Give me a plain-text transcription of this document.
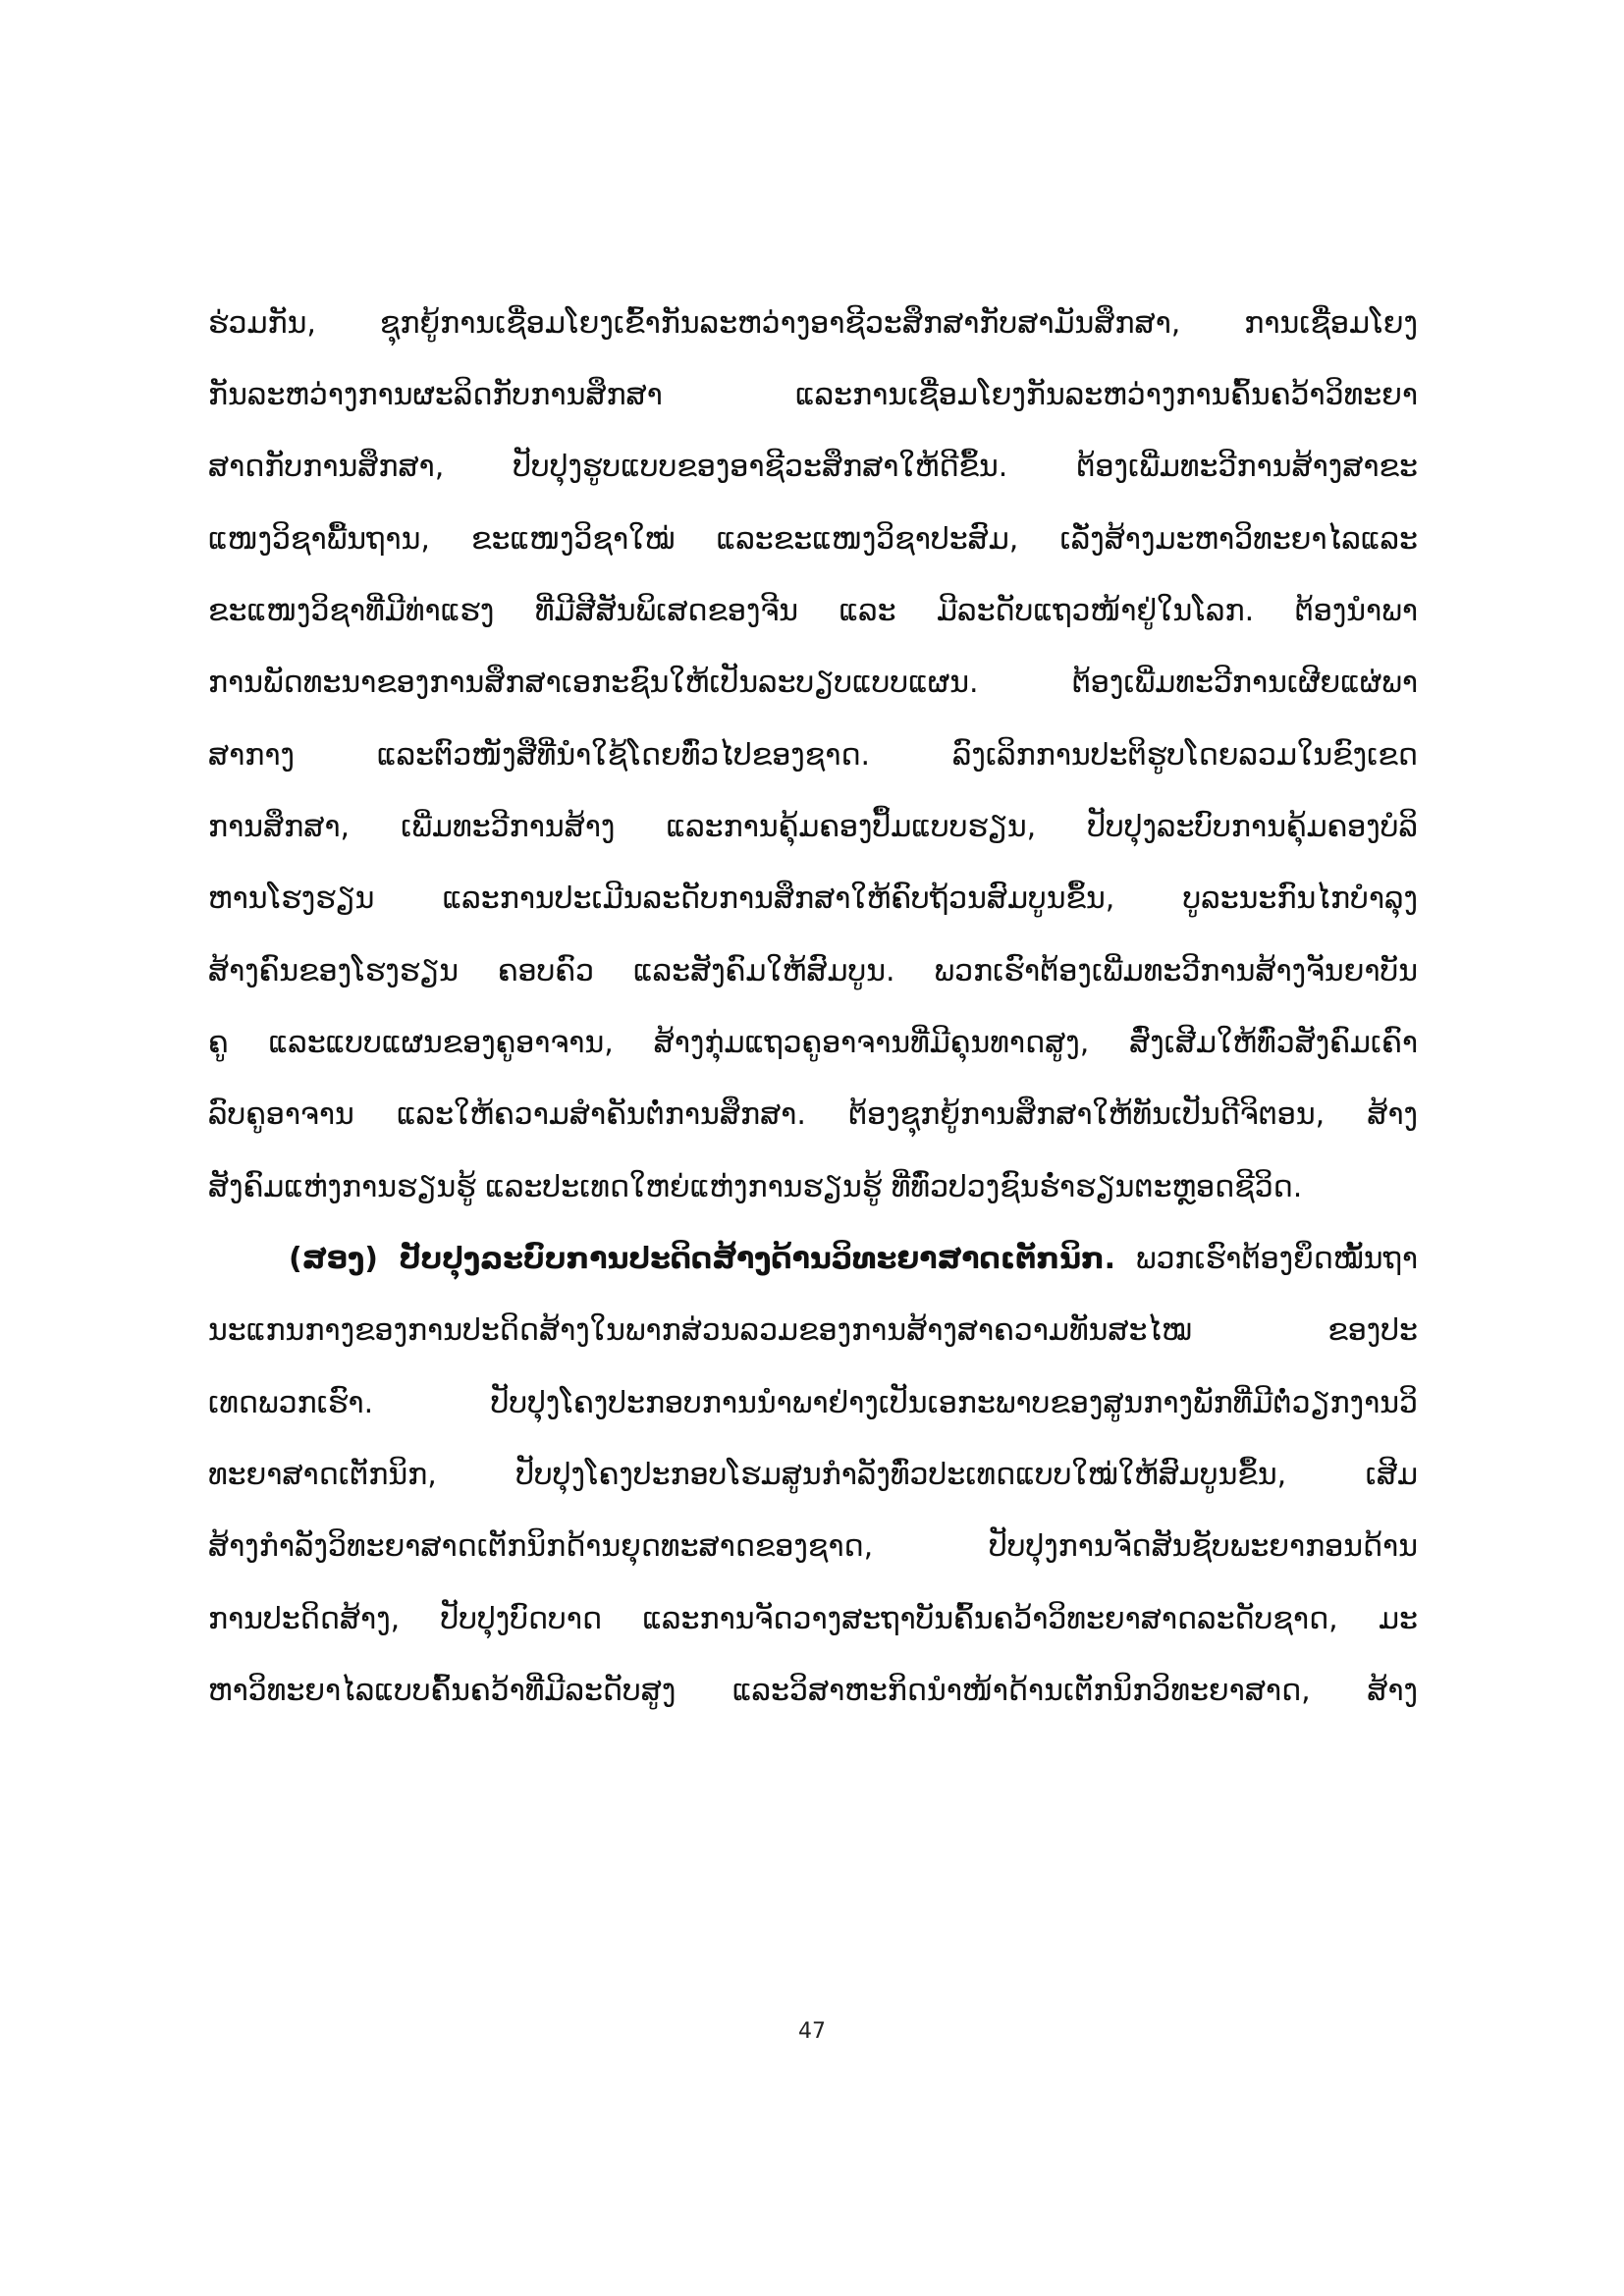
ຮ່ວມກັນ, ຊຸກຍູ້ການເຊື່ອມໂຍງເຂົ້າກັນລະຫວ່າງອາຊີວະສຶກສາກັບສາມັນສຶກສາ, ການເຊື່ອມໂຍງ
ກັນລະຫວ່າງການຜະລິດກັບການສຶກສາ ແລະການເຊື່ອມໂຍງກັນລະຫວ່າງການຄົ້ນຄວ້າວິທະຍາ
ສາດກັບການສຶກສາ, ປັບປຸງຮູບແບບຂອງອາຊີວະສຶກສາໃຫ້ດີຂຶ້ນ. ຕ້ອງເພີ່ມທະວີການສ້າງສາຂະ
ແໜງວິຊາພື້ນຖານ, ຂະແໜງວິຊາໃໝ່ ແລະຂະແໜງວິຊາປະສົມ, ເລັ່ງສ້າງມະຫາວິທະຍາໄລແລະ
ຂະແໜງວິຊາທີ່ມີທ່າແຮງ ທີ່ມີສີສັນພິເສດຂອງຈີນ ແລະ ມີລະດັບແຖວໜ້າຢູ່ໃນໂລກ. ຕ້ອງນຳພາ
ການພັດທະນາຂອງການສຶກສາເອກະຊົນໃຫ້ເປັນລະບຽບແບບແຜນ. ຕ້ອງເພີ່ມທະວີການເຜີຍແຜ່ພາ
ສາກາງ ແລະຕົວໜັງສືທີ່ນຳໃຊ້ໂດຍທົ່ວໄປຂອງຊາດ. ລົງເລິກການປະຕິຮູບໂດຍລວມໃນຂົງເຂດ
ການສຶກສາ, ເພີ່ມທະວີການສ້າງ ແລະການຄຸ້ມຄອງປຶ້ມແບບຮຽນ, ປັບປຸງລະບົບການຄຸ້ມຄອງບໍລິ
ຫານໂຮງຮຽນ ແລະການປະເມີນລະດັບການສຶກສາໃຫ້ຄົບຖ້ວນສົມບູນຂຶ້ນ, ບູລະນະກົນໄກບຳລຸງ
ສ້າງຄົນຂອງໂຮງຮຽນ ຄອບຄົວ ແລະສັງຄົມໃຫ້ສົມບູນ. ພວກເຮົາຕ້ອງເພີ່ມທະວີການສ້າງຈັນຍາບັນ
ຄູ ແລະແບບແຜນຂອງຄູອາຈານ, ສ້າງກຸ່ມແຖວຄູອາຈານທີ່ມີຄຸນທາດສູງ, ສົ່ງເສີມໃຫ້ທົ່ວສັງຄົມເຄົາ
ລົບຄູອາຈານ ແລະໃຫ້ຄວາມສຳຄັນຕໍ່ການສຶກສາ. ຕ້ອງຊຸກຍູ້ການສຶກສາໃຫ້ທັນເປັນດີຈິຕອນ, ສ້າງ
ສັງຄົມແຫ່ງການຮຽນຮູ້ ແລະປະເທດໃຫຍ່ແຫ່ງການຮຽນຮູ້ ທີ່ທົ່ວປວງຊົນຮ່ຳຮຽນຕະຫຼອດຊີວິດ.
(ສອງ) ປັບປຸງລະບົບການປະດິດສ້າງດ້ານວິທະຍາສາດເຕັກນິກ. ພວກເຮົາຕ້ອງຍຶດໝັ້ນຖາ
ນະແກນກາງຂອງການປະດິດສ້າງໃນພາກສ່ວນລວມຂອງການສ້າງສາຄວາມທັນສະໄໝ ຂອງປະ
ເທດພວກເຮົາ. ປັບປຸງໂຄງປະກອບການນຳພາຢ່າງເປັນເອກະພາບຂອງສູນກາງພັກທີ່ມີຕໍ່ວຽກງານວິ
ທະຍາສາດເຕັກນິກ, ປັບປຸງໂຄງປະກອບໂຮມສູນກຳລັງທົ່ວປະເທດແບບໃໝ່ໃຫ້ສົມບູນຂຶ້ນ, ເສີມ
ສ້າງກຳລັງວິທະຍາສາດເຕັກນິກດ້ານຍຸດທະສາດຂອງຊາດ, ປັບປຸງການຈັດສັນຊັບພະຍາກອນດ້ານ
ການປະດິດສ້າງ, ປັບປຸງບົດບາດ ແລະການຈັດວາງສະຖາບັນຄົ້ນຄວ້າວິທະຍາສາດລະດັບຊາດ, ມະ
ຫາວິທະຍາໄລແບບຄົ້ນຄວ້າທີ່ມີລະດັບສູງ ແລະວິສາຫະກິດນຳໜ້າດ້ານເຕັກນິກວິທະຍາສາດ, ສ້າງ
47
